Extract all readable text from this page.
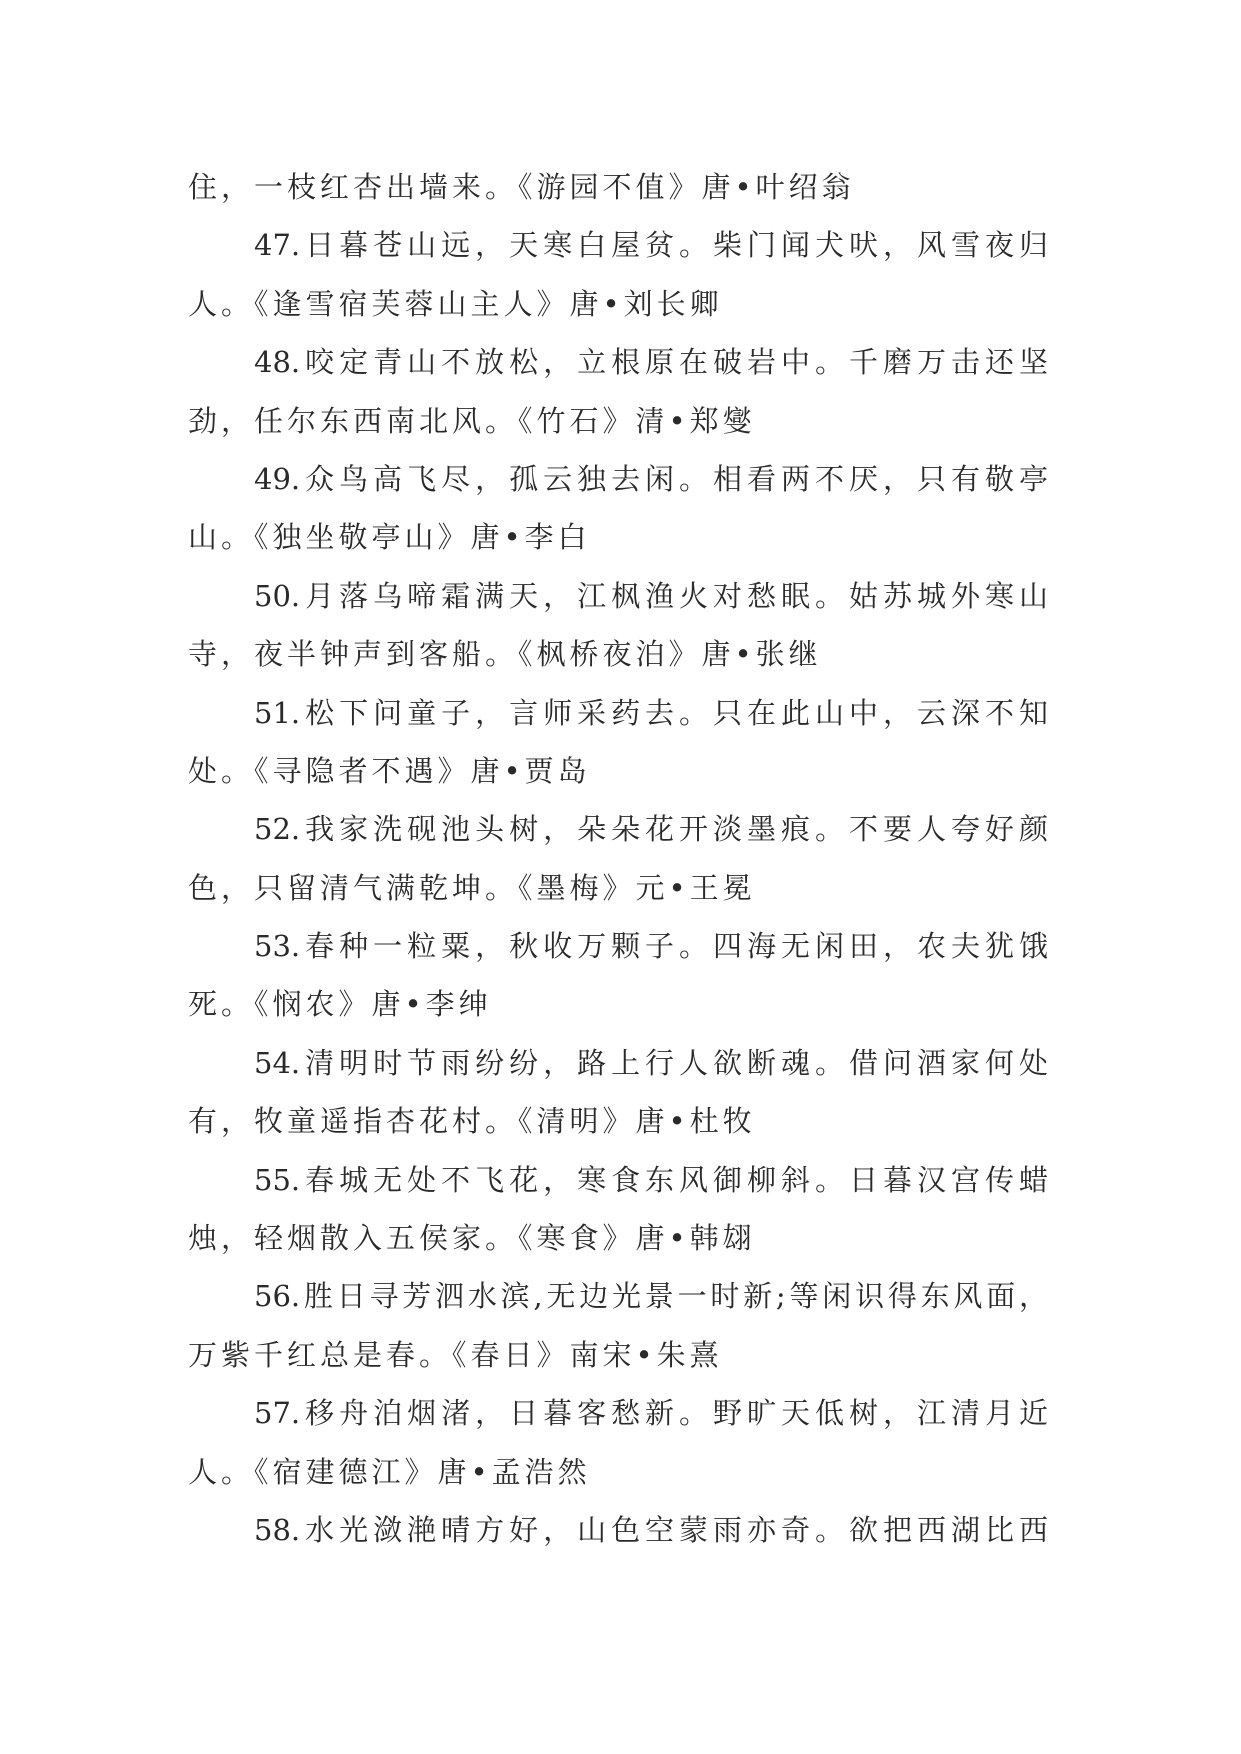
住，一枝红杏出墙来。《游园不值》唐•叶绍翁
47.日暮苍山远，天寒白屋贫。柴门闻犬吠，风雪夜归
人。《逢雪宿芙蓉山主人》唐•刘长卿
48.咬定青山不放松，立根原在破岩中。千磨万击还坚
劲，任尔东西南北风。《竹石》清•郑燮
49.众鸟高飞尽，孤云独去闲。相看两不厌，只有敬亭
山。《独坐敬亭山》唐•李白
50.月落乌啼霜满天，江枫渔火对愁眠。姑苏城外寒山
寺，夜半钟声到客船。《枫桥夜泊》唐•张继
51.松下问童子，言师采药去。只在此山中，云深不知
处。《寻隐者不遇》唐•贾岛
52.我家洗砚池头树，朵朵花开淡墨痕。不要人夸好颜
色，只留清气满乾坤。《墨梅》元•王冕
53.春种一粒粟，秋收万颗子。四海无闲田，农夫犹饿
死。《悯农》唐•李绅
54.清明时节雨纷纷，路上行人欲断魂。借问酒家何处
有，牧童遥指杏花村。《清明》唐•杜牧
55.春城无处不飞花，寒食东风御柳斜。日暮汉宫传蜡
烛，轻烟散入五侯家。《寒食》唐•韩翃
56.胜日寻芳泗水滨,无边光景一时新;等闲识得东风面，
万紫千红总是春。《春日》南宋•朱熹
57.移舟泊烟渚，日暮客愁新。野旷天低树，江清月近
人。《宿建德江》唐•孟浩然
58.水光潋滟晴方好，山色空蒙雨亦奇。欲把西湖比西
